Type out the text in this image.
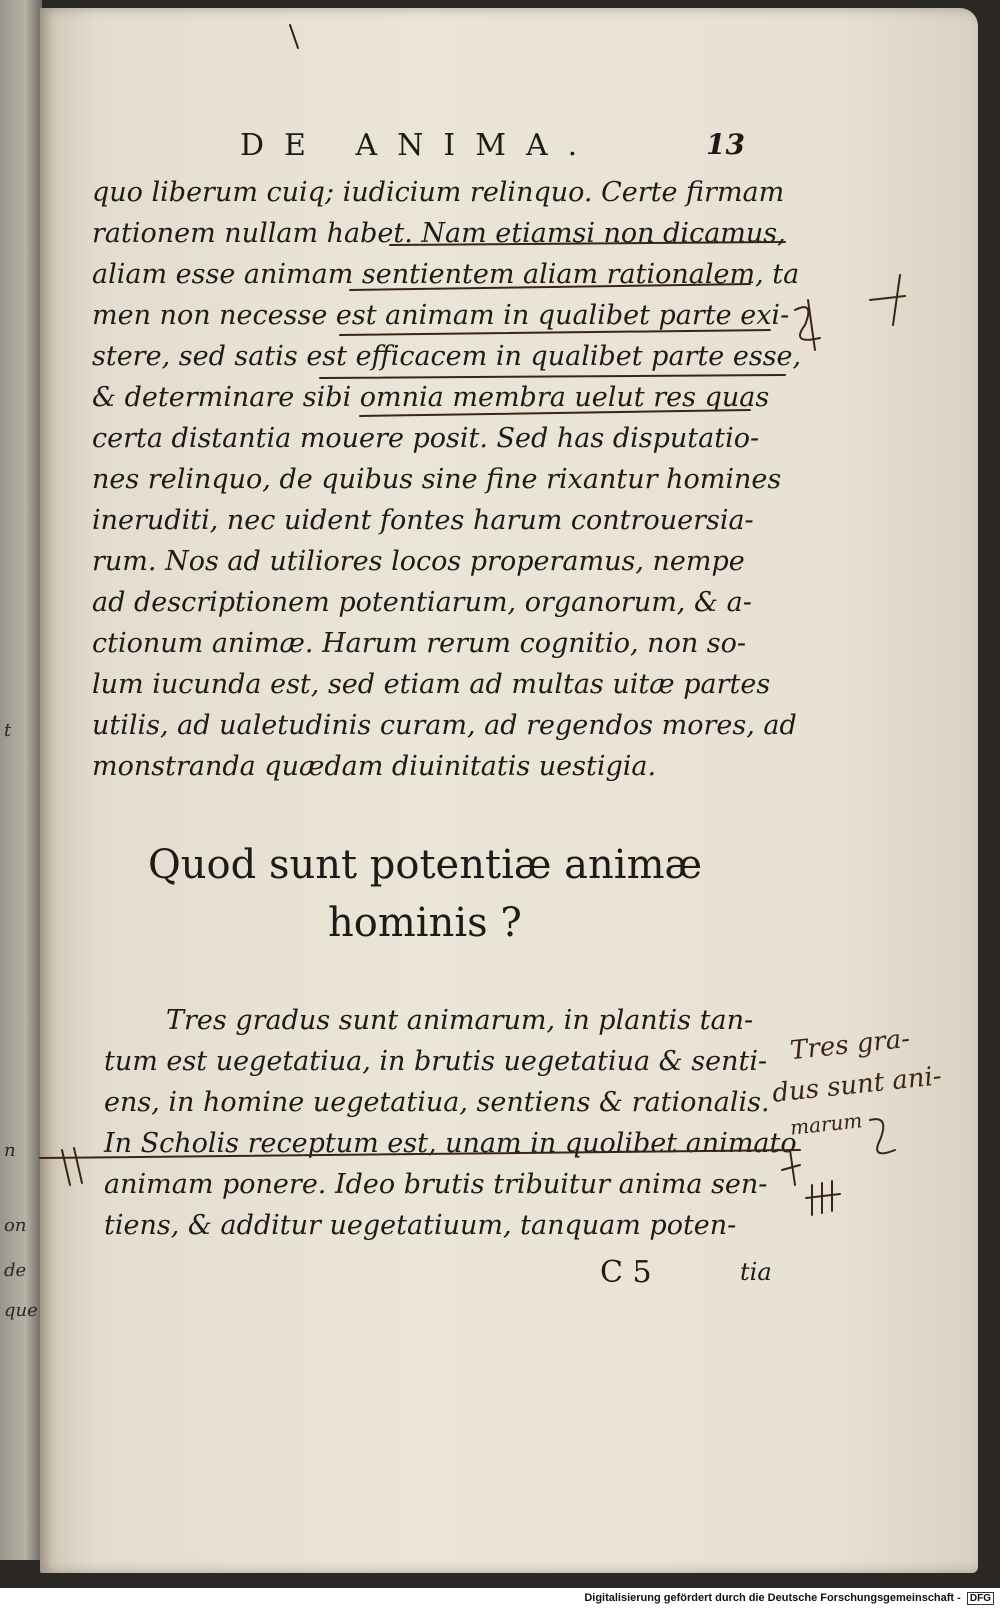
t
n
on
de
que
DE ANIMA.	13
quo liberum cuiq; iudicium relinquo. Certe firmam
rationem nullam habet. Nam etiamsi non dicamus,
aliam esse animam sentientem aliam rationalem, ta
men non necesse est animam in qualibet parte exi-
stere, sed satis est efficacem in qualibet parte esse,
& determinare sibi omnia membra uelut res quas
certa distantia mouere posit. Sed has disputatio-
nes relinquo, de quibus sine fine rixantur homines
ineruditi, nec uident fontes harum controuersia-
rum. Nos ad utiliores locos properamus, nempe
ad descriptionem potentiarum, organorum, & a-
ctionum animæ. Harum rerum cognitio, non so-
lum iucunda est, sed etiam ad multas uitæ partes
utilis, ad ualetudinis curam, ad regendos mores, ad
monstranda quædam diuinitatis uestigia.
Quod sunt potentiæ animæ
hominis ?
Tres gradus sunt animarum, in plantis tan-
tum est uegetatiua, in brutis uegetatiua & senti-
ens, in homine uegetatiua, sentiens & rationalis.
In Scholis receptum est, unam in quolibet animato
animam ponere. Ideo brutis tribuitur anima sen-
tiens, & additur uegetatiuum, tanquam poten-
C 5	tia
Tres gra-
dus sunt ani-
marum
Digitalisierung gefördert durch die Deutsche Forschungsgemeinschaft - DFG
